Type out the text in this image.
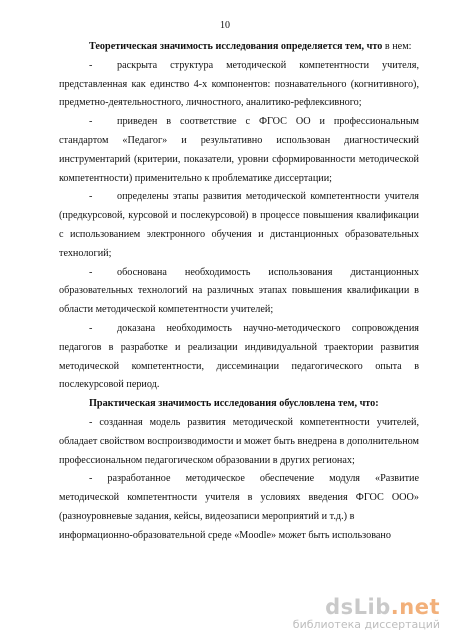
10

Теоретическая значимость исследования определяется тем, что в нем:

- раскрыта структура методической компетентности учителя, представленная как единство 4-х компонентов: познавательного (когнитивного), предметно-деятельностного, личностного, аналитико-рефлексивного;

- приведен в соответствие с ФГОС ОО и профессиональным стандартом «Педагог» и результативно использован диагностический инструментарий (критерии, показатели, уровни сформированности методической компетентности) применительно к проблематике диссертации;

- определены этапы развития методической компетентности учителя (предкурсовой, курсовой и послекурсовой) в процессе повышения квалификации с использованием электронного обучения и дистанционных образовательных технологий;

- обоснована необходимость использования дистанционных образовательных технологий на различных этапах повышения квалификации в области методической компетентности учителей;

- доказана необходимость научно-методического сопровождения педагогов в разработке и реализации индивидуальной траектории развития методической компетентности, диссеминации педагогического опыта в послекурсовой период.

Практическая значимость исследования обусловлена тем, что:

- созданная модель развития методической компетентности учителей, обладает свойством воспроизводимости и может быть внедрена в дополнительном профессиональном педагогическом образовании в других регионах;

- разработанное методическое обеспечение модуля «Развитие методической компетентности учителя в условиях введения ФГОС ООО» (разноуровневые задания, кейсы, видеозаписи мероприятий и т.д.) в

информационно-образовательной среде «Moodle» может быть использовано

dsLib.net
библиотека диссертаций
